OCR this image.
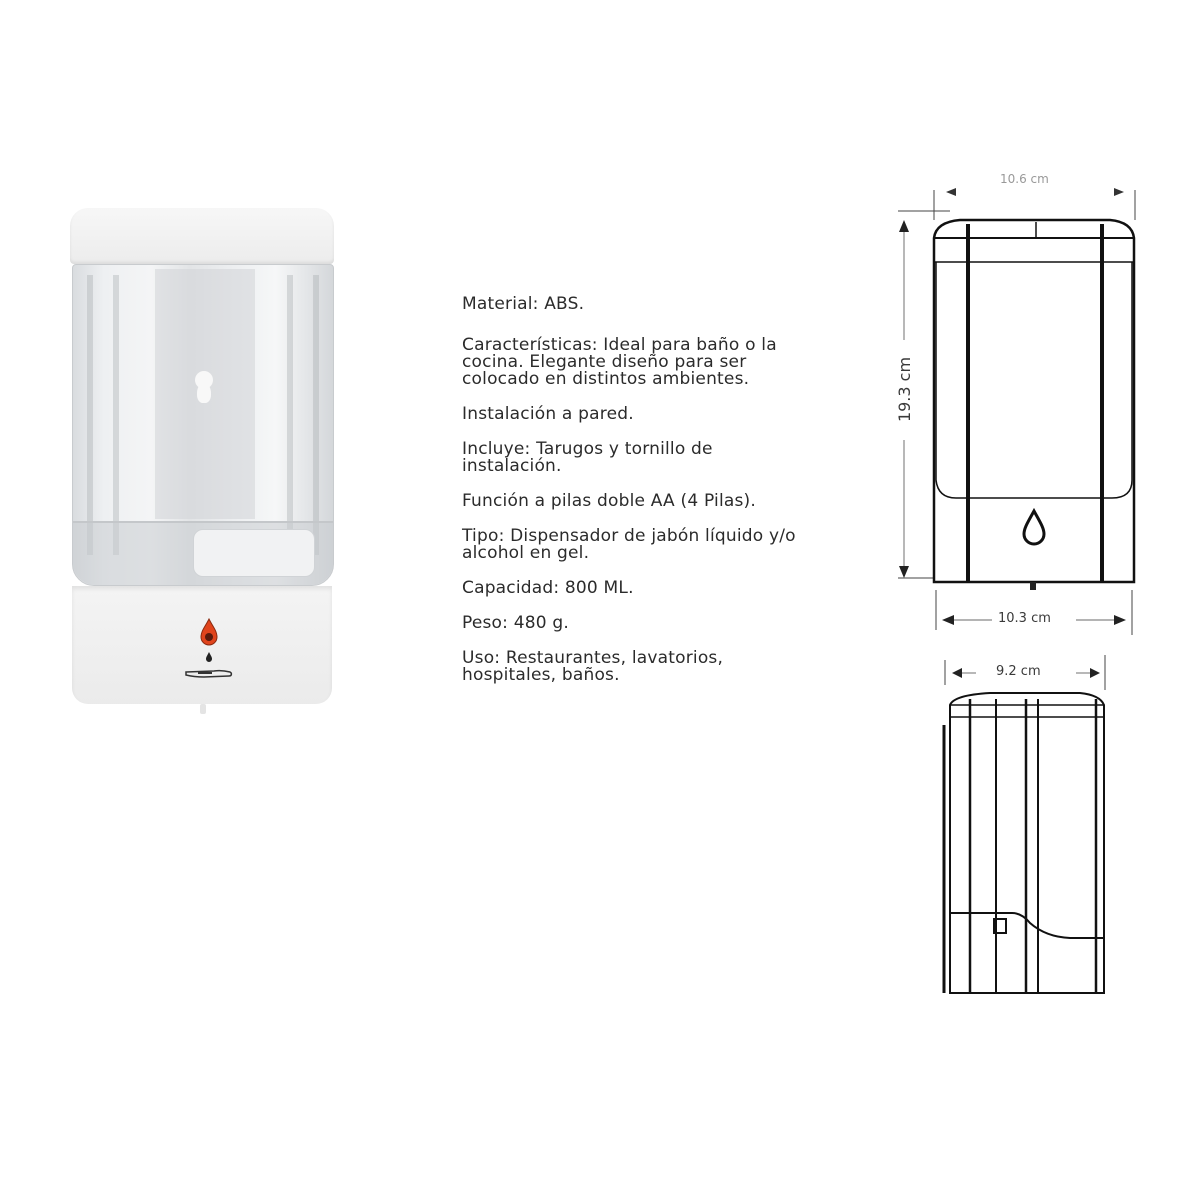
Material: ABS.

Características: Ideal para baño o la cocina. Elegante diseño para ser colocado en distintos ambientes.

Instalación a pared.

Incluye: Tarugos y tornillo de instalación.

Función a pilas doble AA (4 Pilas).

Tipo: Dispensador de jabón líquido y/o alcohol en gel.

Capacidad: 800 ML.

Peso: 480 g.

Uso: Restaurantes, lavatorios, hospitales, baños.

10.6 cm
19.3 cm
10.3 cm
9.2 cm
